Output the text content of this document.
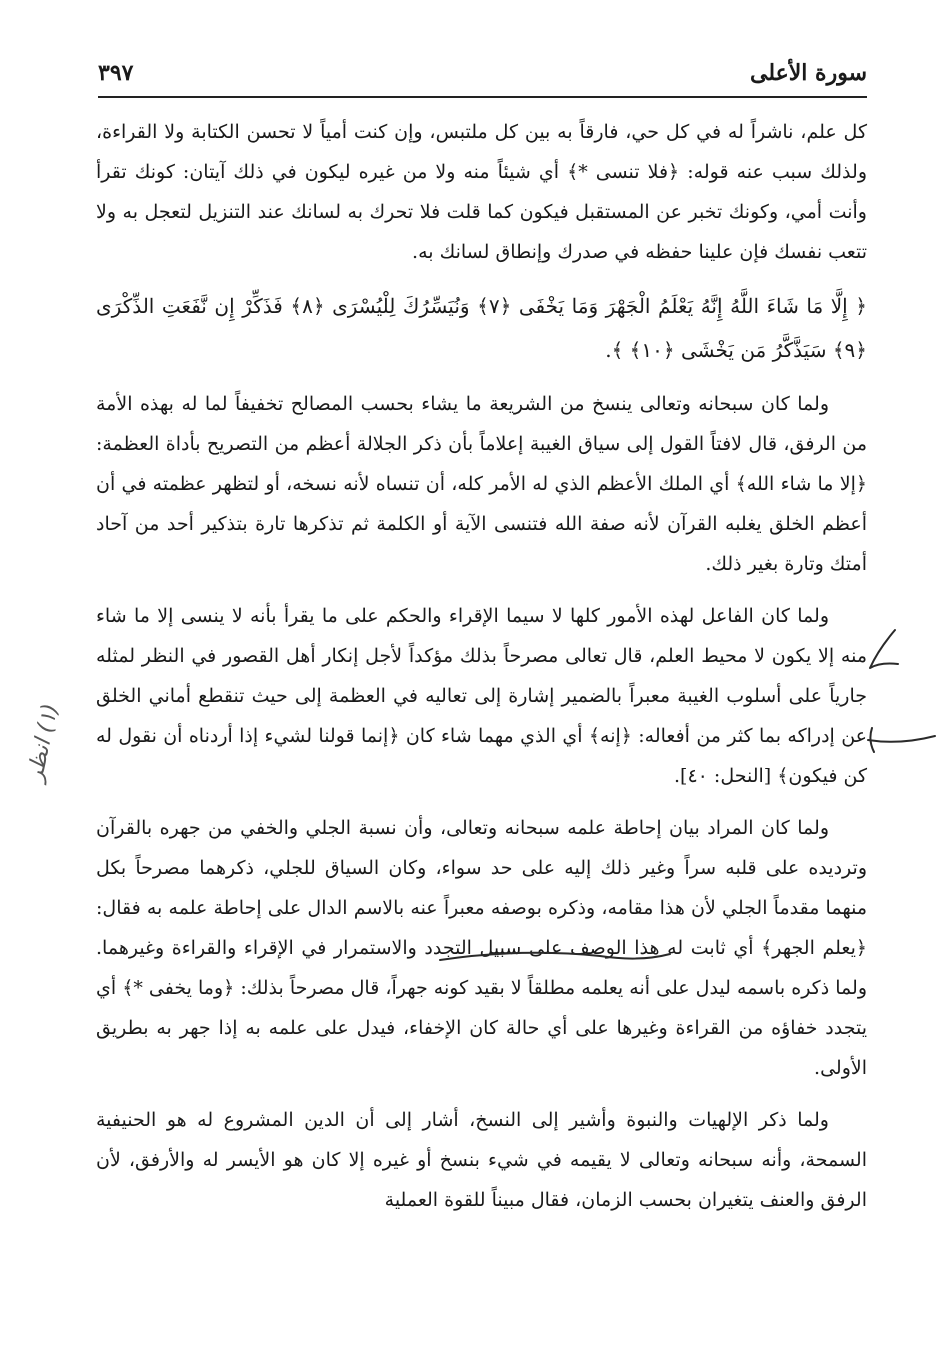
٣٩٧	سورة الأعلى

كل علم، ناشراً له في كل حي، فارقاً به بين كل ملتبس، وإن كنت أمياً لا تحسن الكتابة ولا القراءة، ولذلك سبب عنه قوله: ﴿فلا تنسى *﴾ أي شيئاً منه ولا من غيره ليكون في ذلك آيتان: كونك تقرأ وأنت أمي، وكونك تخبر عن المستقبل فيكون كما قلت فلا تحرك به لسانك عند التنزيل لتعجل به ولا تتعب نفسك فإن علينا حفظه في صدرك وإنطاق لسانك به.

﴿ إِلَّا مَا شَاءَ اللَّهُ إِنَّهُ يَعْلَمُ الْجَهْرَ وَمَا يَخْفَى ﴿٧﴾ وَنُيَسِّرُكَ لِلْيُسْرَى ﴿٨﴾ فَذَكِّرْ إِن نَّفَعَتِ الذِّكْرَى ﴿٩﴾ سَيَذَّكَّرُ مَن يَخْشَى ﴿١٠﴾ ﴾.

ولما كان سبحانه وتعالى ينسخ من الشريعة ما يشاء بحسب المصالح تخفيفاً لما له بهذه الأمة من الرفق، قال لافتاً القول إلى سياق الغيبة إعلاماً بأن ذكر الجلالة أعظم من التصريح بأداة العظمة: ﴿إلا ما شاء الله﴾ أي الملك الأعظم الذي له الأمر كله، أن تنساه لأنه نسخه، أو لتظهر عظمته في أن أعظم الخلق يغلبه القرآن لأنه صفة الله فتنسى الآية أو الكلمة ثم تذكرها تارة بتذكير أحد من آحاد أمتك وتارة بغير ذلك.

ولما كان الفاعل لهذه الأمور كلها لا سيما الإقراء والحكم على ما يقرأ بأنه لا ينسى إلا ما شاء منه إلا يكون لا محيط العلم، قال تعالى مصرحاً بذلك مؤكداً لأجل إنكار أهل القصور في النظر لمثله جارياً على أسلوب الغيبة معبراً بالضمير إشارة إلى تعاليه في العظمة إلى حيث تنقطع أماني الخلق عن إدراكه بما كثر من أفعاله: ﴿إنه﴾ أي الذي مهما شاء كان ﴿إنما قولنا لشيء إذا أردناه أن نقول له كن فيكون﴾ [النحل: ٤٠].

ولما كان المراد بيان إحاطة علمه سبحانه وتعالى، وأن نسبة الجلي والخفي من جهره بالقرآن وترديده على قلبه سراً وغير ذلك إليه على حد سواء، وكان السياق للجلي، ذكرهما مصرحاً بكل منهما مقدماً الجلي لأن هذا مقامه، وذكره بوصفه معبراً عنه بالاسم الدال على إحاطة علمه به فقال: ﴿يعلم الجهر﴾ أي ثابت له هذا الوصف على سبيل التجدد والاستمرار في الإقراء والقراءة وغيرهما. ولما ذكره باسمه ليدل على أنه يعلمه مطلقاً لا بقيد كونه جهراً، قال مصرحاً بذلك: ﴿وما يخفى *﴾ أي يتجدد خفاؤه من القراءة وغيرها على أي حالة كان الإخفاء، فيدل على علمه به إذا جهر به بطريق الأولى.

ولما ذكر الإلهيات والنبوة وأشير إلى النسخ، أشار إلى أن الدين المشروع له هو الحنيفية السمحة، وأنه سبحانه وتعالى لا يقيمه في شيء بنسخ أو غيره إلا كان هو الأيسر له والأرفق، لأن الرفق والعنف يتغيران بحسب الزمان، فقال مبيناً للقوة العملية

(١) انظر
